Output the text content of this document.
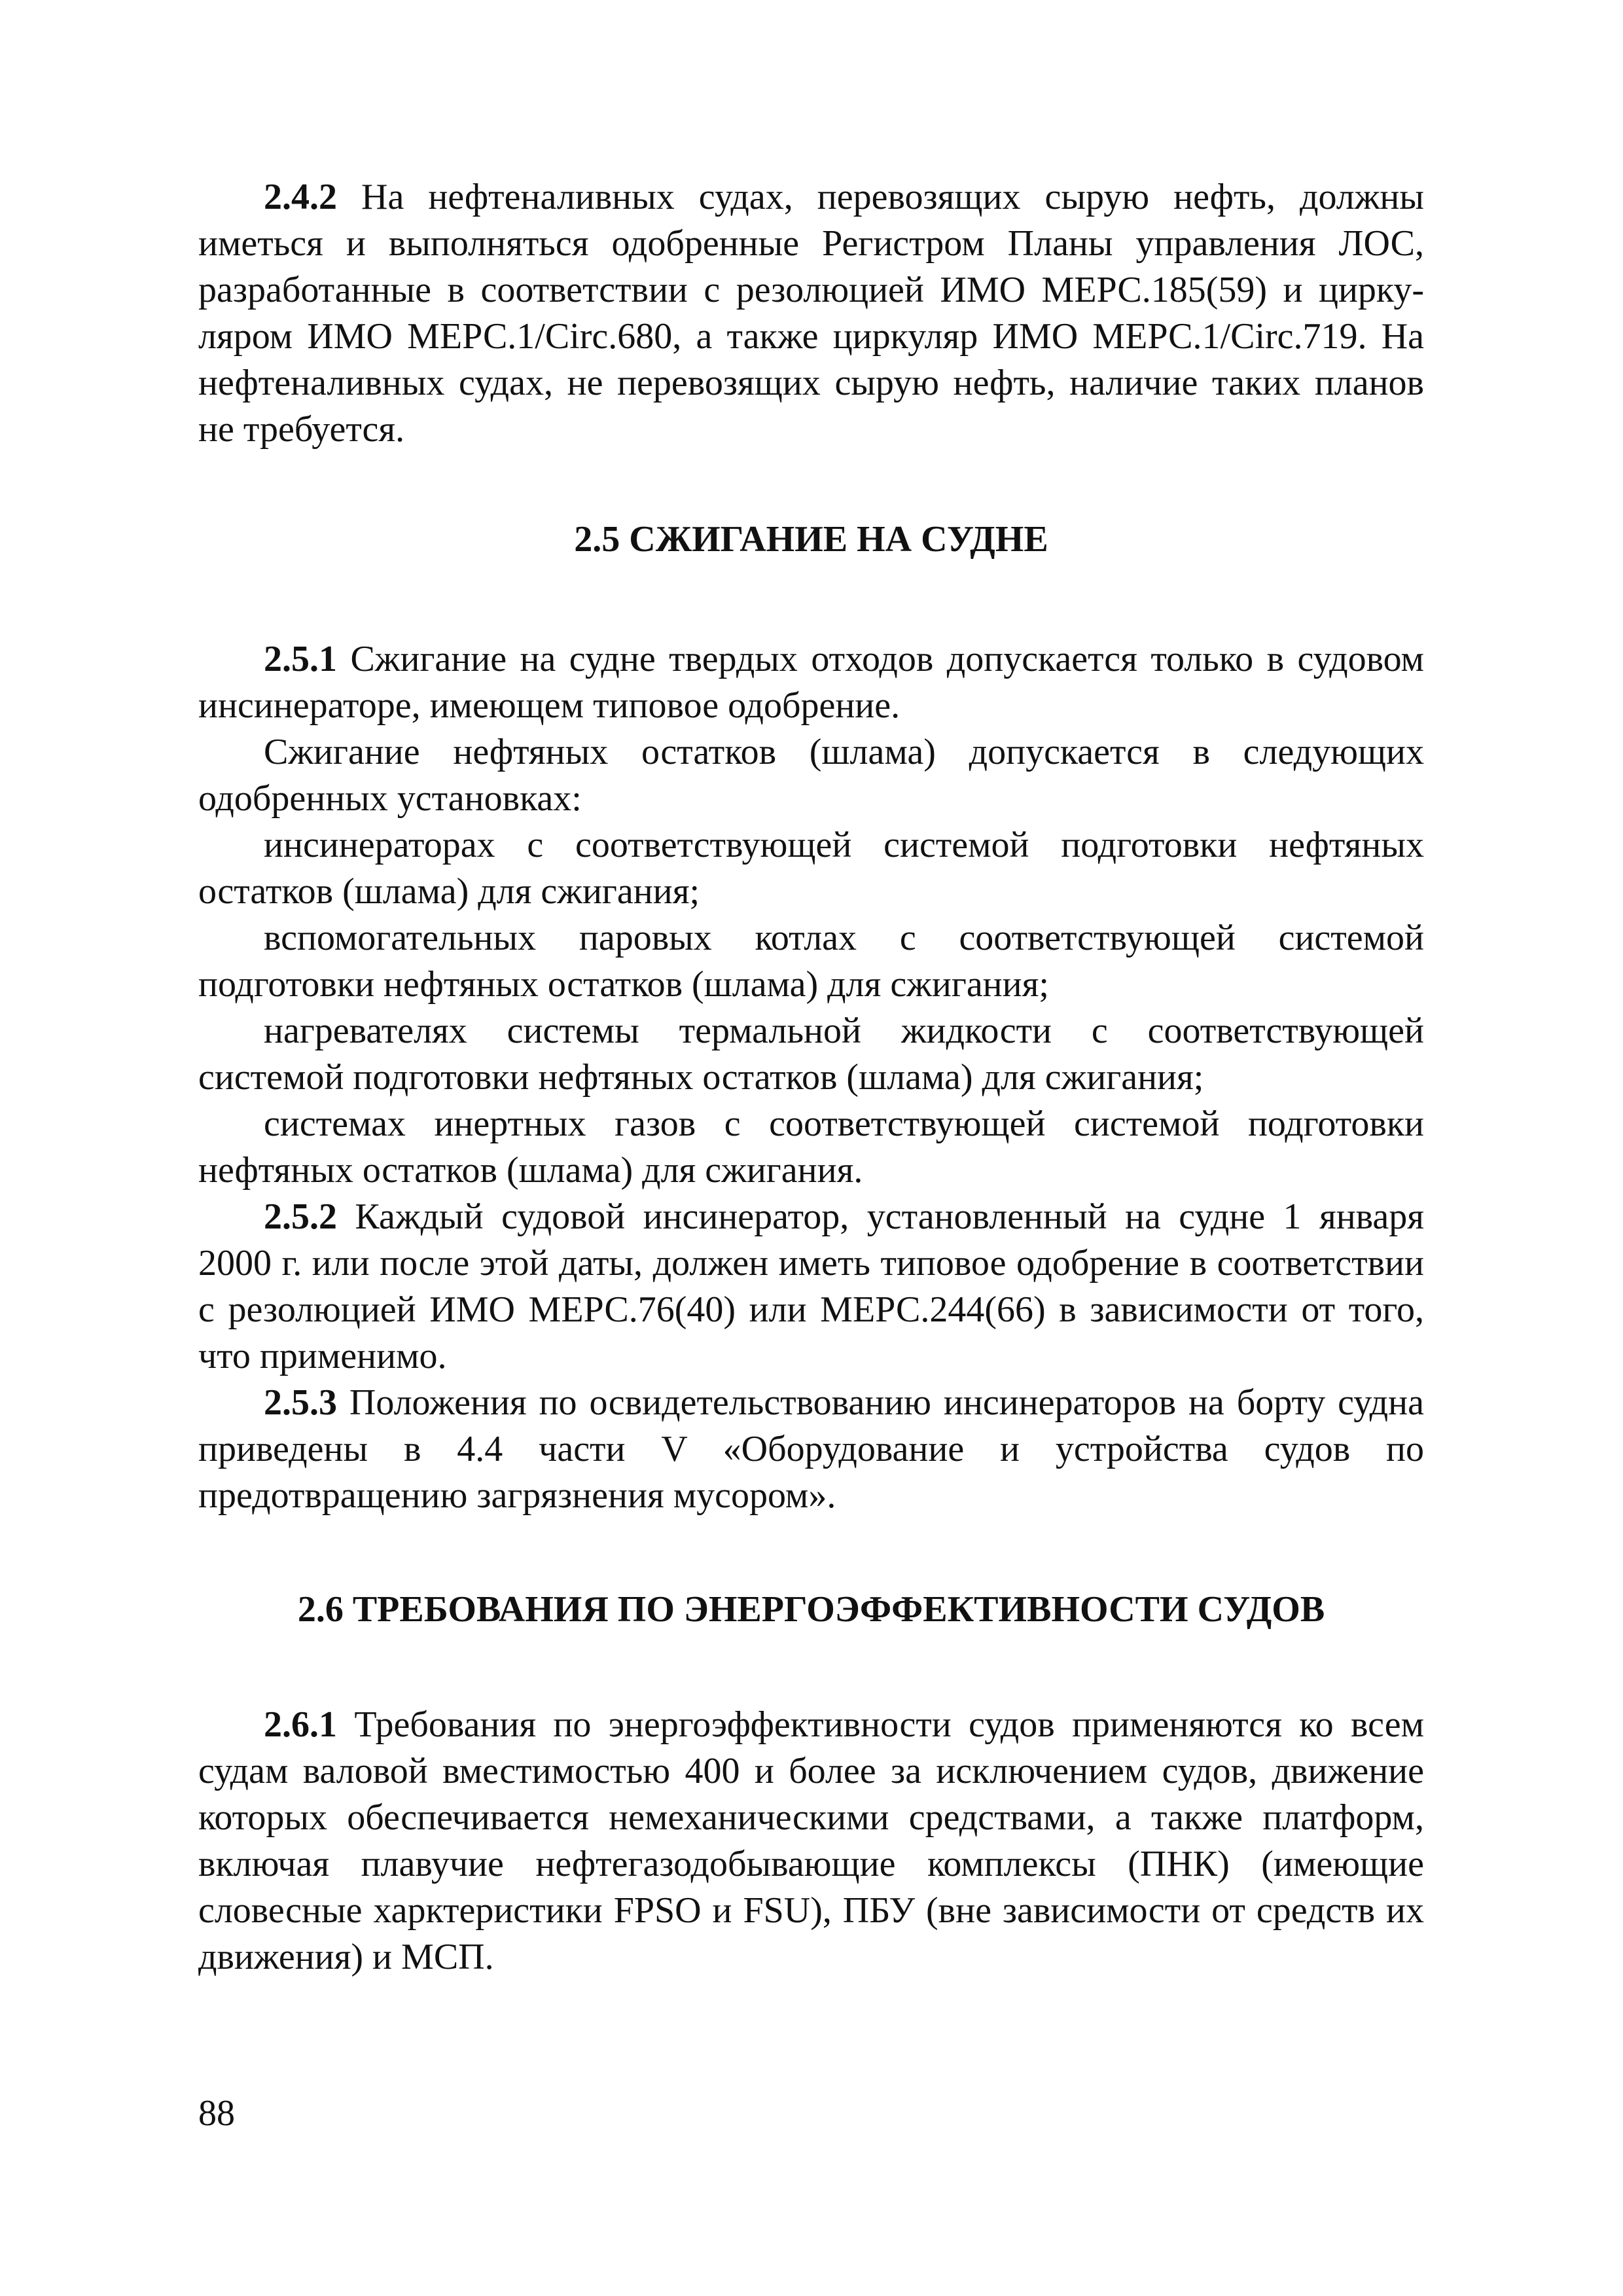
2.4.2 На нефтеналивных судах, перевозящих сырую нефть, должны иметься и выполняться одобренные Регистром Планы управления ЛОС, разработанные в соответствии с резолюцией ИМО МЕРС.185(59) и циркуляром ИМО МЕРС.1/Circ.680, а также циркуляр ИМО МЕРС.1/Circ.719. На нефтеналивных судах, не перевозящих сырую нефть, наличие таких планов не требуется.

2.5 СЖИГАНИЕ НА СУДНЕ

2.5.1 Сжигание на судне твердых отходов допускается только в судовом инсинераторе, имеющем типовое одобрение.

Сжигание нефтяных остатков (шлама) допускается в следующих одобренных установках:

инсинераторах с соответствующей системой подготовки нефтяных остатков (шлама) для сжигания;

вспомогательных паровых котлах с соответствующей системой подготовки нефтяных остатков (шлама) для сжигания;

нагревателях системы термальной жидкости с соответствующей системой подготовки нефтяных остатков (шлама) для сжигания;

системах инертных газов с соответствующей системой подготовки нефтяных остатков (шлама) для сжигания.

2.5.2 Каждый судовой инсинератор, установленный на судне 1 января 2000 г. или после этой даты, должен иметь типовое одобрение в соответствии с резолюцией ИМО МЕРС.76(40) или МЕРС.244(66) в зависимости от того, что применимо.

2.5.3 Положения по освидетельствованию инсинераторов на борту судна приведены в 4.4 части V «Оборудование и устройства судов по предотвращению загрязнения мусором».

2.6 ТРЕБОВАНИЯ ПО ЭНЕРГОЭФФЕКТИВНОСТИ СУДОВ

2.6.1 Требования по энергоэффективности судов применяются ко всем судам валовой вместимостью 400 и более за исключением судов, движение которых обеспечивается немеханическими средствами, а также платформ, включая плавучие нефтегазодобывающие комплексы (ПНК) (имеющие словесные харктеристики FPSO и FSU), ПБУ (вне зависимости от средств их движения) и МСП.

88
